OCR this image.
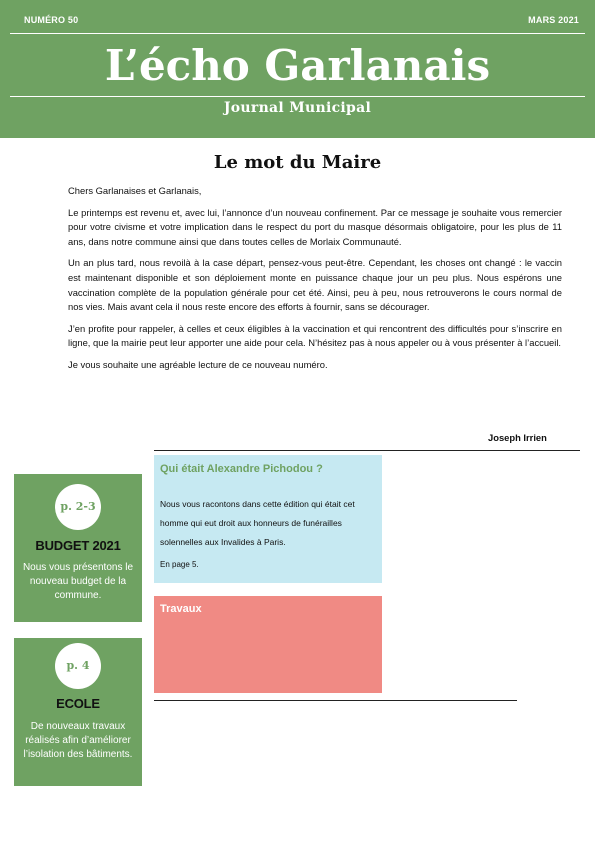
NUMÉRO 50	MARS 2021
L’écho Garlanais
Journal Municipal
Le mot du Maire

Chers Garlanaises et Garlanais,

Le printemps est revenu et, avec lui, l’annonce d’un nouveau confinement. Par ce message je souhaite vous remercier pour votre civisme et votre implication dans le respect du port du masque désormais obligatoire, pour les plus de 11 ans, dans notre commune ainsi que dans toutes celles de Morlaix Communauté.

Un an plus tard, nous revoilà à la case départ, pensez-vous peut-être. Cependant, les choses ont changé : le vaccin est maintenant disponible et son déploiement monte en puissance chaque jour un peu plus. Nous espérons une vaccination complète de la population générale pour cet été. Ainsi, peu à peu, nous retrouverons le cours normal de nos vies. Mais avant cela il nous reste encore des efforts à fournir, sans se décourager.

J’en profite pour rappeler, à celles et ceux éligibles à la vaccination et qui rencontrent des difficultés pour s’inscrire en ligne, que la mairie peut leur apporter une aide pour cela. N’hésitez pas à nous appeler ou à vous présenter à l’accueil.

Je vous souhaite une agréable lecture de ce nouveau numéro.

Joseph Irrien
p. 2-3
BUDGET 2021
Nous vous présentons le nouveau budget de la commune.
p. 4
ECOLE
De nouveaux travaux réalisés afin d’améliorer l’isolation des bâtiments.
Qui était Alexandre Pichodou ?
Nous vous racontons dans cette édition qui était cet homme qui eut droit aux honneurs de funérailles solennelles aux Invalides à Paris.
En page 5.
Travaux
